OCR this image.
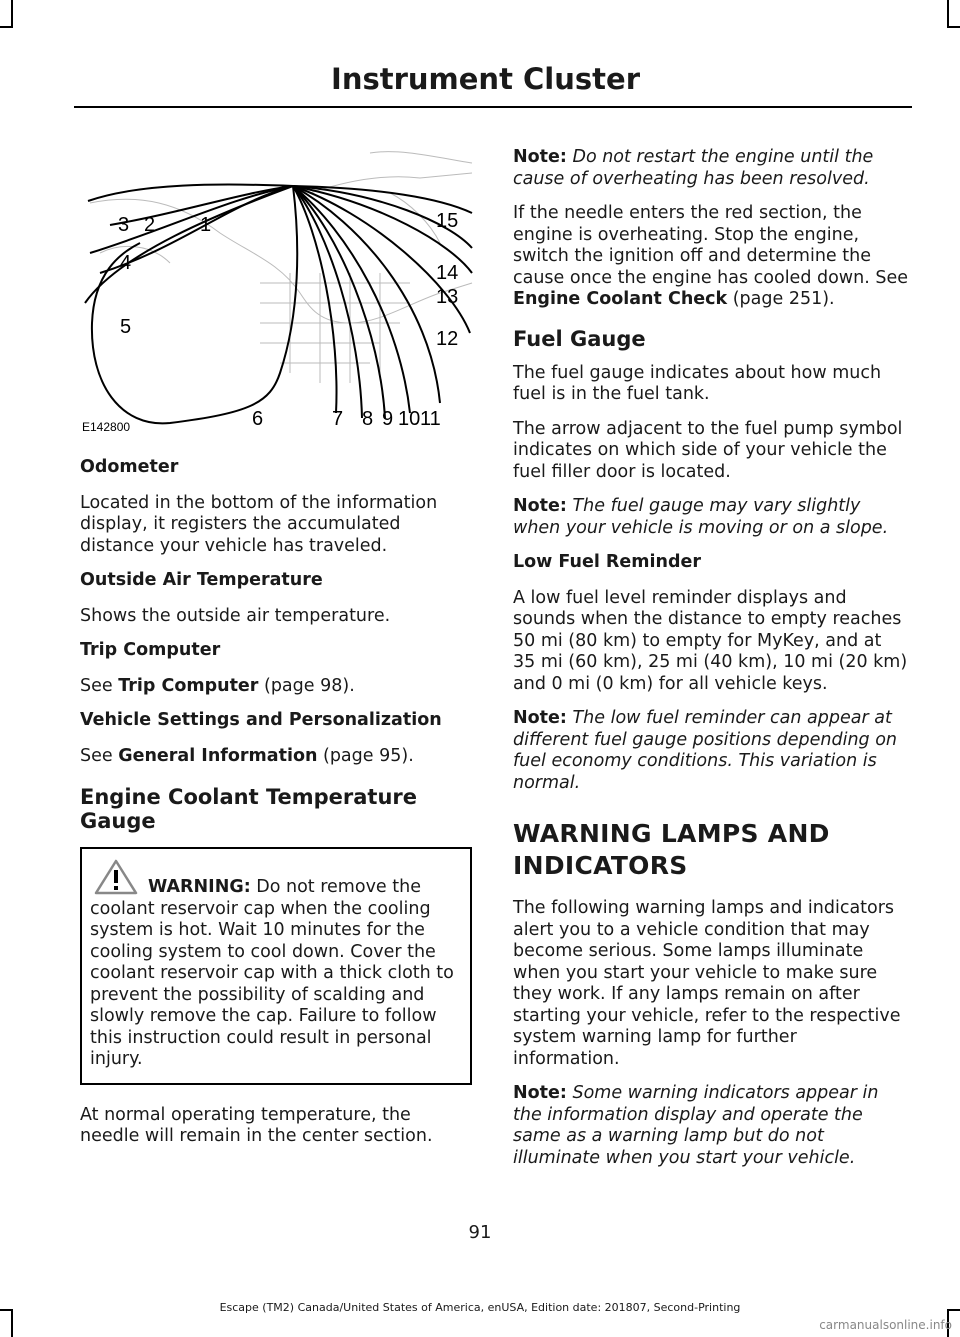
Instrument Cluster
1
2
3
4
5
6	7 8 9 10 11
12
13
14
15
E142800
Odometer

Located in the bottom of the information display, it registers the accumulated distance your vehicle has traveled.

Outside Air Temperature

Shows the outside air temperature.

Trip Computer

See Trip Computer (page 98).

Vehicle Settings and Personalization

See General Information (page 95).

Engine Coolant Temperature Gauge
WARNING: Do not remove the coolant reservoir cap when the cooling system is hot. Wait 10 minutes for the cooling system to cool down. Cover the coolant reservoir cap with a thick cloth to prevent the possibility of scalding and slowly remove the cap. Failure to follow this instruction could result in personal injury.

At normal operating temperature, the needle will remain in the center section.

Note: Do not restart the engine until the cause of overheating has been resolved.

If the needle enters the red section, the engine is overheating. Stop the engine, switch the ignition off and determine the cause once the engine has cooled down. See Engine Coolant Check (page 251).

Fuel Gauge

The fuel gauge indicates about how much fuel is in the fuel tank.

The arrow adjacent to the fuel pump symbol indicates on which side of your vehicle the fuel filler door is located.

Note: The fuel gauge may vary slightly when your vehicle is moving or on a slope.

Low Fuel Reminder

A low fuel level reminder displays and sounds when the distance to empty reaches 50 mi (80 km) to empty for MyKey, and at 35 mi (60 km), 25 mi (40 km), 10 mi (20 km) and 0 mi (0 km) for all vehicle keys.

Note: The low fuel reminder can appear at different fuel gauge positions depending on fuel economy conditions. This variation is normal.

WARNING LAMPS AND INDICATORS

The following warning lamps and indicators alert you to a vehicle condition that may become serious. Some lamps illuminate when you start your vehicle to make sure they work. If any lamps remain on after starting your vehicle, refer to the respective system warning lamp for further information.

Note: Some warning indicators appear in the information display and operate the same as a warning lamp but do not illuminate when you start your vehicle.

91
Escape (TM2) Canada/United States of America, enUSA, Edition date: 201807, Second-Printing
carmanualsonline.info
